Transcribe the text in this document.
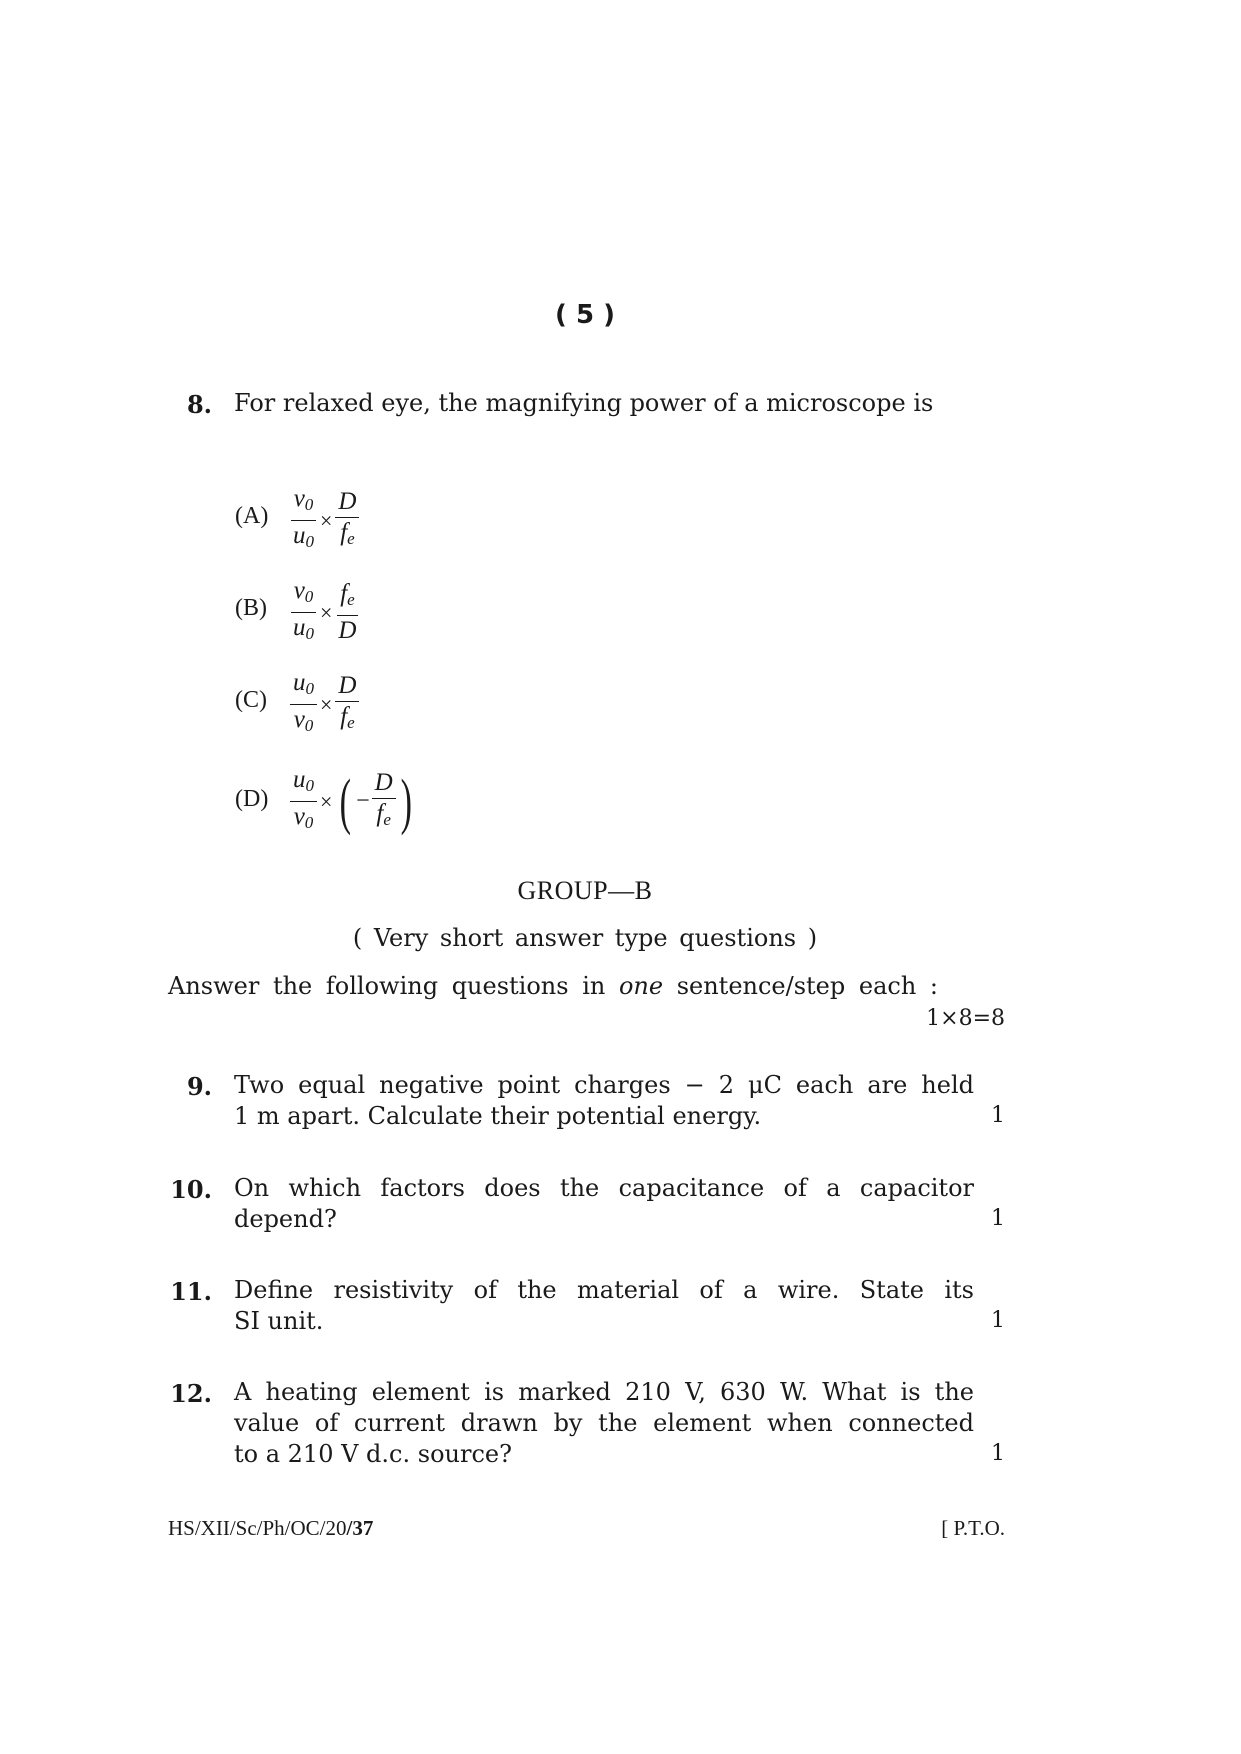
( 5 )
8. For relaxed eye, the magnifying power of a microscope is
$(A) \frac{v_0}{u_0} \times \frac{D}{f_e}$
$(B) \frac{v_0}{u_0} \times \frac{f_e}{D}$
$(C) \frac{u_0}{v_0} \times \frac{D}{f_e}$
$(D) \frac{u_0}{v_0}$ × ( − $\frac{D}{f_e}$ )
GROUP—B
( Very short answer type questions )
Answer the following questions in one sentence/step each :
1×8=8
9. Two equal negative point charges − 2 μC each are held
1 m apart. Calculate their potential energy.	1
10. On which factors does the capacitance of a capacitor
depend?	1
11. Define resistivity of the material of a wire. State its
SI unit.	1
12. A heating element is marked 210 V, 630 W. What is the
value of current drawn by the element when connected
to a 210 V d.c. source?	1
HS/XII/Sc/Ph/OC/20/37	[ P.T.O.
